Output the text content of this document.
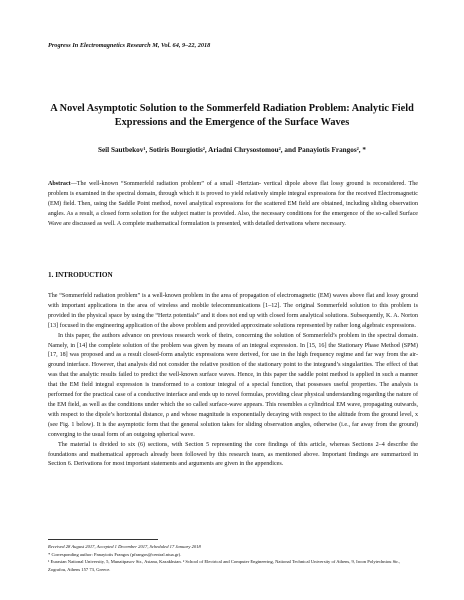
Progress In Electromagnetics Research M, Vol. 64, 9–22, 2018
A Novel Asymptotic Solution to the Sommerfeld Radiation Problem: Analytic Field Expressions and the Emergence of the Surface Waves
Seil Sautbekov¹, Sotiris Bourgiotis², Ariadni Chrysostomou², and Panayiotis Frangos², *
Abstract—The well-known “Sommerfeld radiation problem” of a small -Hertzian- vertical dipole above flat lossy ground is reconsidered. The problem is examined in the spectral domain, through which it is proved to yield relatively simple integral expressions for the received Electromagnetic (EM) field. Then, using the Saddle Point method, novel analytical expressions for the scattered EM field are obtained, including sliding observation angles. As a result, a closed form solution for the subject matter is provided. Also, the necessary conditions for the emergence of the so-called Surface Wave are discussed as well. A complete mathematical formulation is presented, with detailed derivations where necessary.
1. INTRODUCTION

The “Sommerfeld radiation problem” is a well-known problem in the area of propagation of electromagnetic (EM) waves above flat and lossy ground with important applications in the area of wireless and mobile telecommunications [1–12]. The original Sommerfeld solution to this problem is provided in the physical space by using the “Hertz potentials” and it does not end up with closed form analytical solutions. Subsequently, K. A. Norton [13] focused in the engineering application of the above problem and provided approximate solutions represented by rather long algebraic expressions.

In this paper, the authors advance on previous research work of theirs, concerning the solution of Sommerfeld’s problem in the spectral domain. Namely, in [14] the complete solution of the problem was given by means of an integral expression. In [15, 16] the Stationary Phase Method (SPM) [17, 18] was proposed and as a result closed-form analytic expressions were derived, for use in the high frequency regime and far way from the air-ground interface. However, that analysis did not consider the relative position of the stationary point to the integrand’s singularities. The effect of that was that the analytic results failed to predict the well-known surface waves. Hence, in this paper the saddle point method is applied in such a manner that the EM field integral expression is transformed to a contour integral of a special function, that possesses useful properties. The analysis is performed for the practical case of a conductive interface and ends up to novel formulas, providing clear physical understanding regarding the nature of the EM field, as well as the conditions under which the so called surface-wave appears. This resembles a cylindrical EM wave, propagating outwards, with respect to the dipole’s horizontal distance, ρ and whose magnitude is exponentially decaying with respect to the altitude from the ground level, x (see Fig. 1 below). It is the asymptotic form that the general solution takes for sliding observation angles, otherwise (i.e., far away from the ground) converging to the usual form of an outgoing spherical wave.

The material is divided to six (6) sections, with Section 5 representing the core findings of this article, whereas Sections 2–4 describe the foundations and mathematical approach already been followed by this research team, as mentioned above. Important findings are summarized in Section 6. Derivations for most important statements and arguments are given in the appendices.

Received 28 August 2017, Accepted 1 December 2017, Scheduled 17 January 2018
* Corresponding author: Panayiotis Frangos (pfrangos@central.ntua.gr).
¹ Eurasian National University, 5, Munaitpasov Str., Astana, Kazakhstan. ² School of Electrical and Computer Engineering, National Technical University of Athens, 9, Iroon Polytechniou Str., Zografou, Athens 157 73, Greece.
